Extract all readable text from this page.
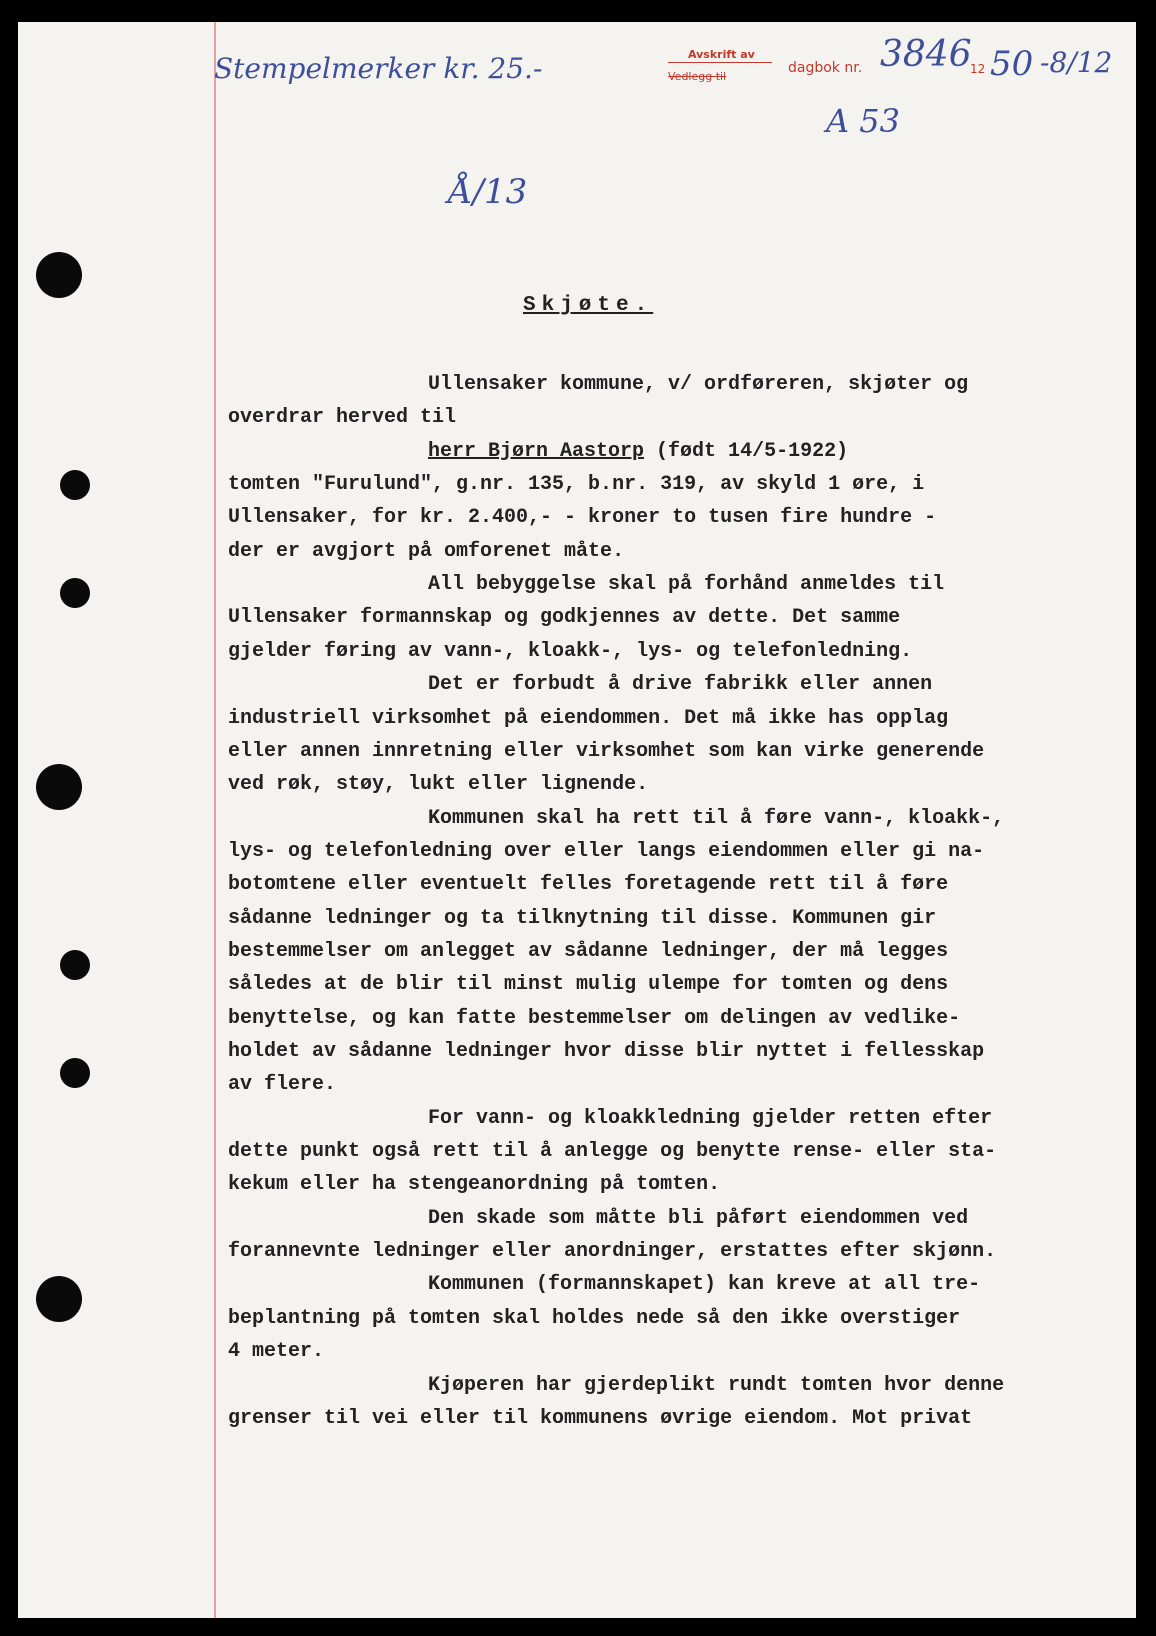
Stempelmerker kr. 25.-	Avskrift av
Vedlegg til
dagbok nr. 3846
12 50 -8/12
A 53
Å/13
Skjøte.
Ullensaker kommune, v/ ordføreren, skjøter og
overdrar herved til
herr Bjørn Aastorp (født 14/5-1922)
tomten "Furulund", g.nr. 135, b.nr. 319, av skyld 1 øre, i
Ullensaker, for kr. 2.400,- - kroner to tusen fire hundre -
der er avgjort på omforenet måte.
All bebyggelse skal på forhånd anmeldes til
Ullensaker formannskap og godkjennes av dette. Det samme
gjelder føring av vann-, kloakk-, lys- og telefonledning.
Det er forbudt å drive fabrikk eller annen
industriell virksomhet på eiendommen. Det må ikke has opplag
eller annen innretning eller virksomhet som kan virke generende
ved røk, støy, lukt eller lignende.
Kommunen skal ha rett til å føre vann-, kloakk-,
lys- og telefonledning over eller langs eiendommen eller gi na-
botomtene eller eventuelt felles foretagende rett til å føre
sådanne ledninger og ta tilknytning til disse. Kommunen gir
bestemmelser om anlegget av sådanne ledninger, der må legges
således at de blir til minst mulig ulempe for tomten og dens
benyttelse, og kan fatte bestemmelser om delingen av vedlike-
holdet av sådanne ledninger hvor disse blir nyttet i fellesskap
av flere.
For vann- og kloakkledning gjelder retten efter
dette punkt også rett til å anlegge og benytte rense- eller sta-
kekum eller ha stengeanordning på tomten.
Den skade som måtte bli påført eiendommen ved
forannevnte ledninger eller anordninger, erstattes efter skjønn.
Kommunen (formannskapet) kan kreve at all tre-
beplantning på tomten skal holdes nede så den ikke overstiger
4 meter.
Kjøperen har gjerdeplikt rundt tomten hvor denne
grenser til vei eller til kommunens øvrige eiendom. Mot privat
